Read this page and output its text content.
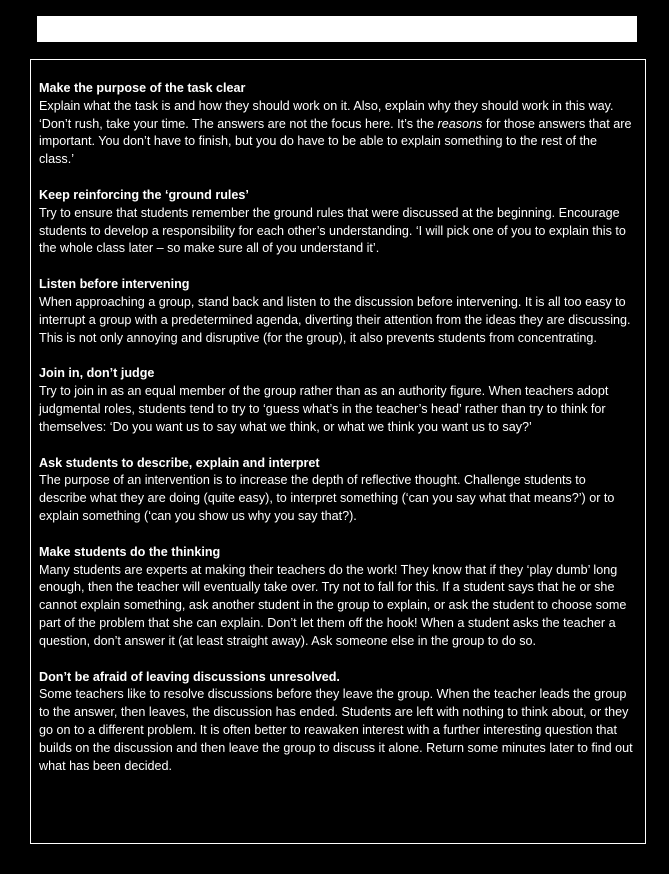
Make the purpose of the task clear

Explain what the task is and how they should work on it. Also, explain why they should work in this way. ‘Don’t rush, take your time. The answers are not the focus here. It’s the reasons for those answers that are important. You don’t have to finish, but you do have to be able to explain something to the rest of the class.’

Keep reinforcing the ‘ground rules’

Try to ensure that students remember the ground rules that were discussed at the beginning. Encourage students to develop a responsibility for each other’s understanding. ‘I will pick one of you to explain this to the whole class later – so make sure all of you understand it’.

Listen before intervening

When approaching a group, stand back and listen to the discussion before intervening. It is all too easy to interrupt a group with a predetermined agenda, diverting their attention from the ideas they are discussing. This is not only annoying and disruptive (for the group), it also prevents students from concentrating.

Join in, don’t judge

Try to join in as an equal member of the group rather than as an authority figure. When teachers adopt judgmental roles, students tend to try to ‘guess what’s in the teacher’s head’ rather than try to think for themselves: ‘Do you want us to say what we think, or what we think you want us to say?’

Ask students to describe, explain and interpret

The purpose of an intervention is to increase the depth of reflective thought. Challenge students to describe what they are doing (quite easy), to interpret something (‘can you say what that means?’) or to explain something (‘can you show us why you say that?).

Make students do the thinking

Many students are experts at making their teachers do the work! They know that if they ‘play dumb’ long enough, then the teacher will eventually take over. Try not to fall for this. If a student says that he or she cannot explain something, ask another student in the group to explain, or ask the student to choose some part of the problem that she can explain. Don’t let them off the hook! When a student asks the teacher a question, don’t answer it (at least straight away). Ask someone else in the group to do so.

Don’t be afraid of leaving discussions unresolved.

Some teachers like to resolve discussions before they leave the group. When the teacher leads the group to the answer, then leaves, the discussion has ended. Students are left with nothing to think about, or they go on to a different problem. It is often better to reawaken interest with a further interesting question that builds on the discussion and then leave the group to discuss it alone. Return some minutes later to find out what has been decided.
